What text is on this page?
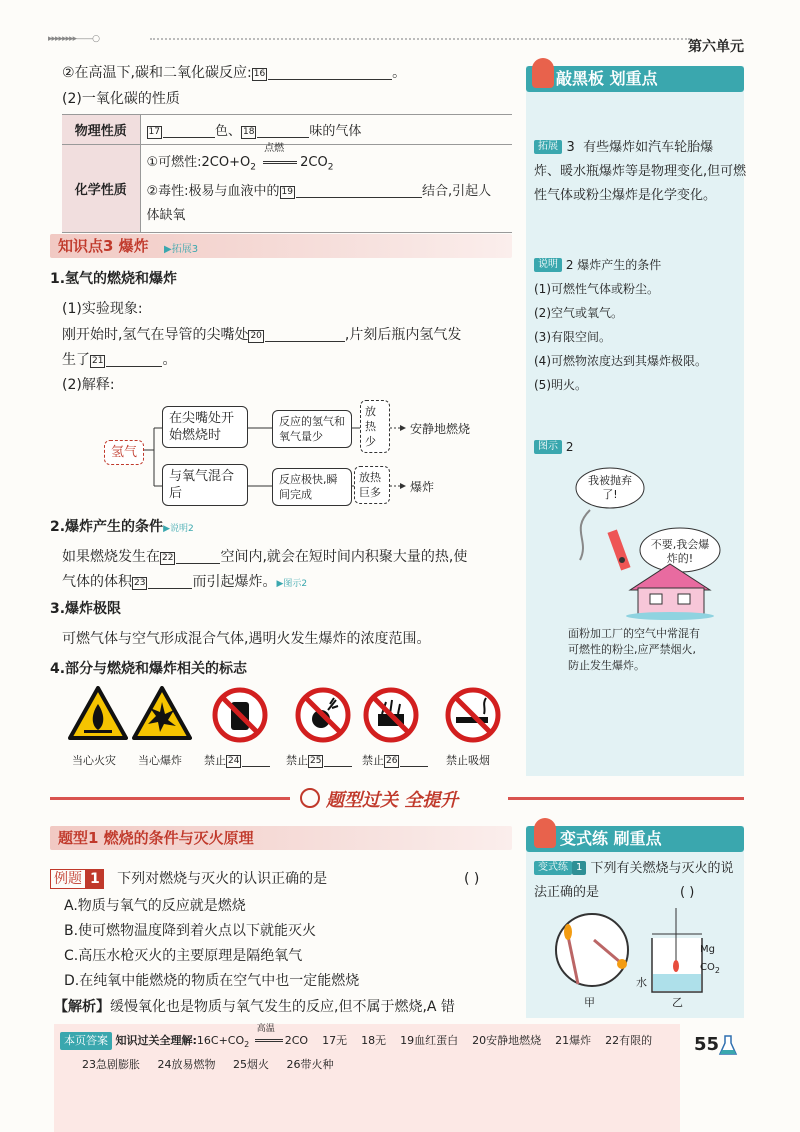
▸▸▸▸▸▸▸▸——○	第六单元
②在高温下,碳和二氧化碳反应: 16	。
(2)一氧化碳的性质
物理性质	17 色、 18 味的气体
化学性质	①可燃性$:2CO+O_2$
点燃
$2CO_2$
②毒性:极易与血液中的 19 结合,引起人
体缺氧
知识点3 爆炸 ▶拓展3
1.氢气的燃烧和爆炸
(1)实验现象:
刚开始时,氢气在导管的尖嘴处 20	,片刻后瓶内氢气发
生了 21	。
(2)解释:
氢气
在尖嘴处开始燃烧时
反应的氢气和氧气量少
放热少
安静地燃烧
与氧气混合后
反应极快,瞬间完成
放热巨多	爆炸
2.爆炸产生的条件▶说明2
如果燃烧发生在 22	空间内,就会在短时间内积聚大量的热,使
气体的体积 23	而引起爆炸。▶图示2
3.爆炸极限
可燃气体与空气形成混合气体,遇明火发生爆炸的浓度范围。
4.部分与燃烧和爆炸相关的标志
当心火灾 当心爆炸 禁止 24	禁止 25	禁止 26	禁止吸烟
敲黑板 划重点
拓展 3 有些爆炸如汽车轮胎爆
炸、暖水瓶爆炸等是物理变化,但可燃
性气体或粉尘爆炸是化学变化。
说明 2 爆炸产生的条件
(1)可燃性气体或粉尘。
(2)空气或氧气。
(3)有限空间。
(4)可燃物浓度达到其爆炸极限。
(5)明火。
图示 2
我被抛弃了!
不要,我会爆炸的!
面粉加工厂的空气中常混有
可燃性的粉尘,应严禁烟火,
防止发生爆炸。
题型过关 全提升
题型1 燃烧的条件与灭火原理
例题 1 下列对燃烧与灭火的认识正确的是	( )
A.物质与氧气的反应就是燃烧
B.使可燃物温度降到着火点以下就能灭火
C.高压水枪灭火的主要原理是隔绝氧气
D.在纯氧中能燃烧的物质在空气中也一定能燃烧
【解析】缓慢氧化也是物质与氧气发生的反应,但不属于燃烧,A 错
变式练 刷重点
变式练 1 下列有关燃烧与灭火的说
法正确的是	( )
甲	乙
Mg
$CO_2$
水
本页答案 知识过关全理解$:16C+CO_2$
高温
2CO 17无 18无 19血红蛋白 20安静地燃烧 21爆炸 22有限的
23急剧膨胀 24放易燃物 25烟火 26带火种
55
